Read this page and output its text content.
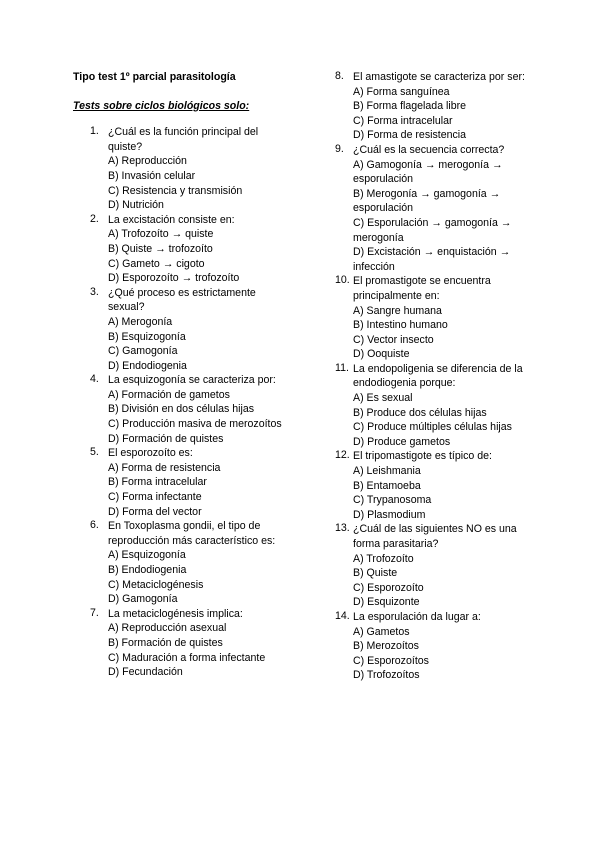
Tipo test 1º parcial parasitología

Tests sobre ciclos biológicos solo:

1. ¿Cuál es la función principal del quiste?
A) Reproducción
B) Invasión celular
C) Resistencia y transmisión
D) Nutrición
2. La excistación consiste en:
A) Trofozoíto → quiste
B) Quiste → trofozoíto
C) Gameto → cigoto
D) Esporozoíto → trofozoíto
3. ¿Qué proceso es estrictamente sexual?
A) Merogonía
B) Esquizogonía
C) Gamogonía
D) Endodiogenia
4. La esquizogonía se caracteriza por:
A) Formación de gametos
B) División en dos células hijas
C) Producción masiva de merozoítos
D) Formación de quistes
5. El esporozoíto es:
A) Forma de resistencia
B) Forma intracelular
C) Forma infectante
D) Forma del vector
6. En Toxoplasma gondii, el tipo de reproducción más característico es:
A) Esquizogonía
B) Endodiogenia
C) Metaciclogénesis
D) Gamogonía
7. La metaciclogénesis implica:
A) Reproducción asexual
B) Formación de quistes
C) Maduración a forma infectante
D) Fecundación
8. El amastigote se caracteriza por ser:
A) Forma sanguínea
B) Forma flagelada libre
C) Forma intracelular
D) Forma de resistencia
9. ¿Cuál es la secuencia correcta?
A) Gamogonía → merogonía → esporulación
B) Merogonía → gamogonía → esporulación
C) Esporulación → gamogonía → merogonía
D) Excistación → enquistación → infección
10. El promastigote se encuentra principalmente en:
A) Sangre humana
B) Intestino humano
C) Vector insecto
D) Ooquiste
11. La endopoligenia se diferencia de la endodiogenia porque:
A) Es sexual
B) Produce dos células hijas
C) Produce múltiples células hijas
D) Produce gametos
12. El tripomastigote es típico de:
A) Leishmania
B) Entamoeba
C) Trypanosoma
D) Plasmodium
13. ¿Cuál de las siguientes NO es una forma parasitaria?
A) Trofozoíto
B) Quiste
C) Esporozoíto
D) Esquizonte
14. La esporulación da lugar a:
A) Gametos
B) Merozoítos
C) Esporozoítos
D) Trofozoítos
